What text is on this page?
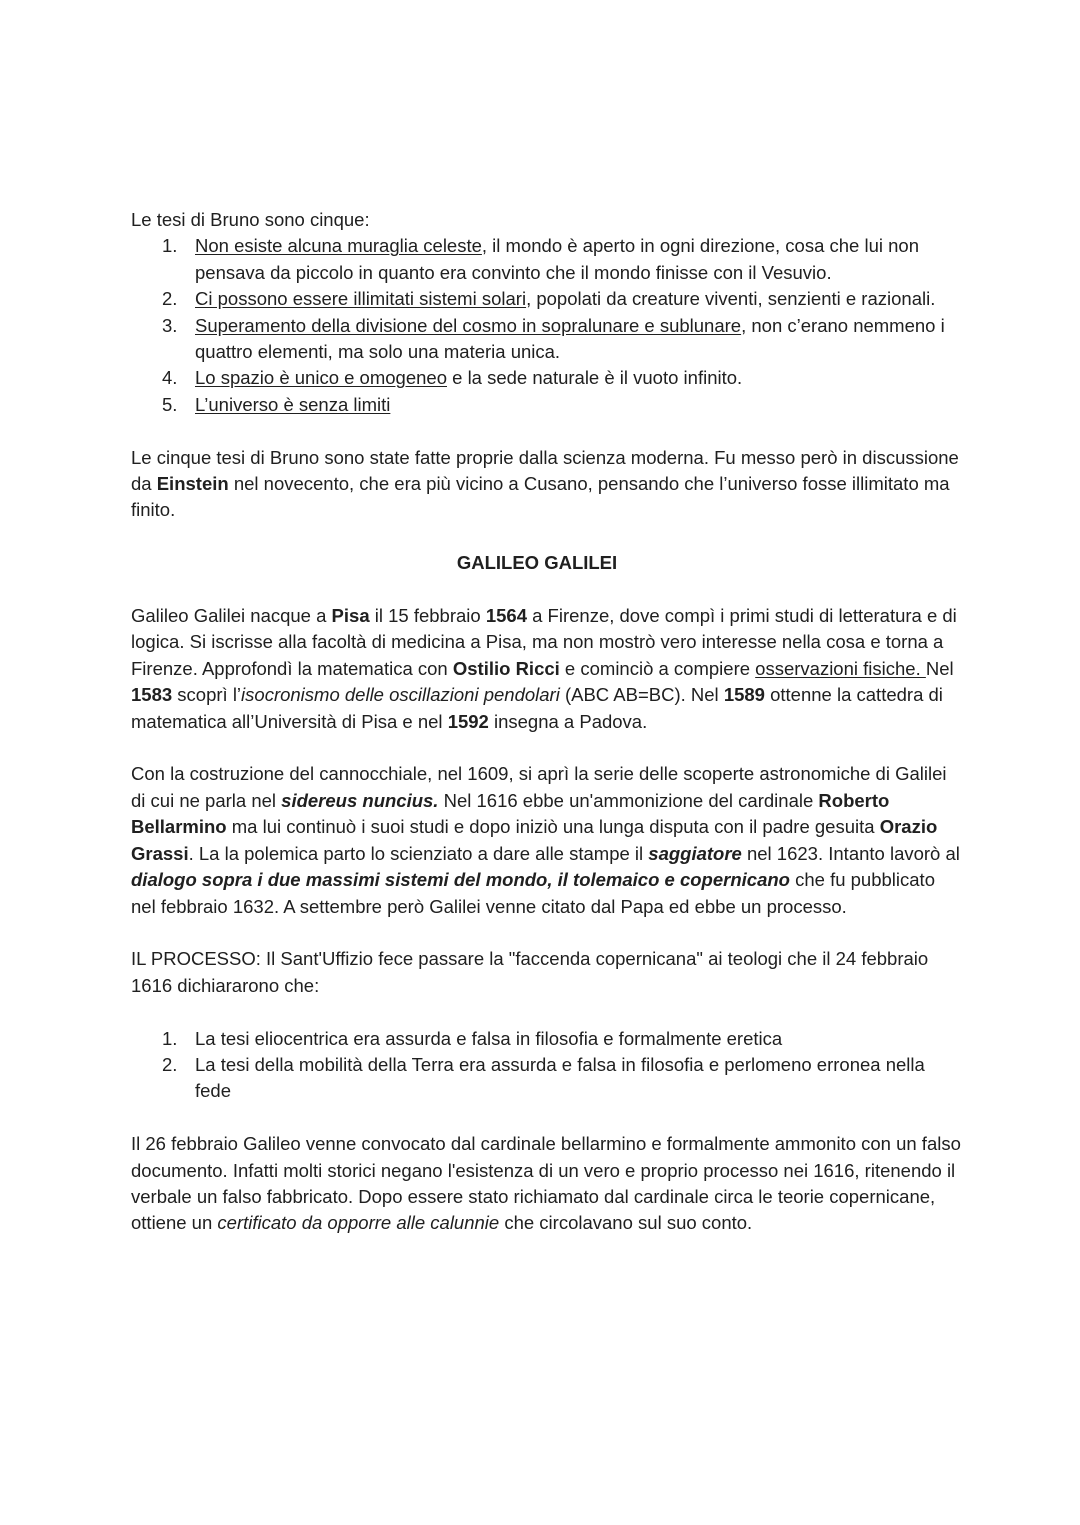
Le tesi di Bruno sono cinque:

1. Non esiste alcuna muraglia celeste, il mondo è aperto in ogni direzione, cosa che lui non pensava da piccolo in quanto era convinto che il mondo finisse con il Vesuvio.
2. Ci possono essere illimitati sistemi solari, popolati da creature viventi, senzienti e razionali.
3. Superamento della divisione del cosmo in sopralunare e sublunare, non c’erano nemmeno i quattro elementi, ma solo una materia unica.
4. Lo spazio è unico e omogeneo e la sede naturale è il vuoto infinito.
5. L’universo è senza limiti

Le cinque tesi di Bruno sono state fatte proprie dalla scienza moderna. Fu messo però in discussione da Einstein nel novecento, che era più vicino a Cusano, pensando che l’universo fosse illimitato ma finito.

GALILEO GALILEI

Galileo Galilei nacque a Pisa il 15 febbraio 1564 a Firenze, dove compì i primi studi di letteratura e di logica. Si iscrisse alla facoltà di medicina a Pisa, ma non mostrò vero interesse nella cosa e torna a Firenze. Approfondì la matematica con Ostilio Ricci e cominciò a compiere osservazioni fisiche. Nel 1583 scoprì l’isocronismo delle oscillazioni pendolari (ABC AB=BC). Nel 1589 ottenne la cattedra di matematica all’Università di Pisa e nel 1592 insegna a Padova.

Con la costruzione del cannocchiale, nel 1609, si aprì la serie delle scoperte astronomiche di Galilei di cui ne parla nel sidereus nuncius. Nel 1616 ebbe un'ammonizione del cardinale Roberto Bellarmino ma lui continuò i suoi studi e dopo iniziò una lunga disputa con il padre gesuita Orazio Grassi. La la polemica parto lo scienziato a dare alle stampe il saggiatore nel 1623. Intanto lavorò al dialogo sopra i due massimi sistemi del mondo, il tolemaico e copernicano che fu pubblicato nel febbraio 1632. A settembre però Galilei venne citato dal Papa ed ebbe un processo.

IL PROCESSO: Il Sant'Uffizio fece passare la "faccenda copernicana" ai teologi che il 24 febbraio 1616 dichiararono che:

1. La tesi eliocentrica era assurda e falsa in filosofia e formalmente eretica
2. La tesi della mobilità della Terra era assurda e falsa in filosofia e perlomeno erronea nella fede

Il 26 febbraio Galileo venne convocato dal cardinale bellarmino e formalmente ammonito con un falso documento. Infatti molti storici negano l'esistenza di un vero e proprio processo nei 1616, ritenendo il verbale un falso fabbricato. Dopo essere stato richiamato dal cardinale circa le teorie copernicane, ottiene un certificato da opporre alle calunnie che circolavano sul suo conto.
